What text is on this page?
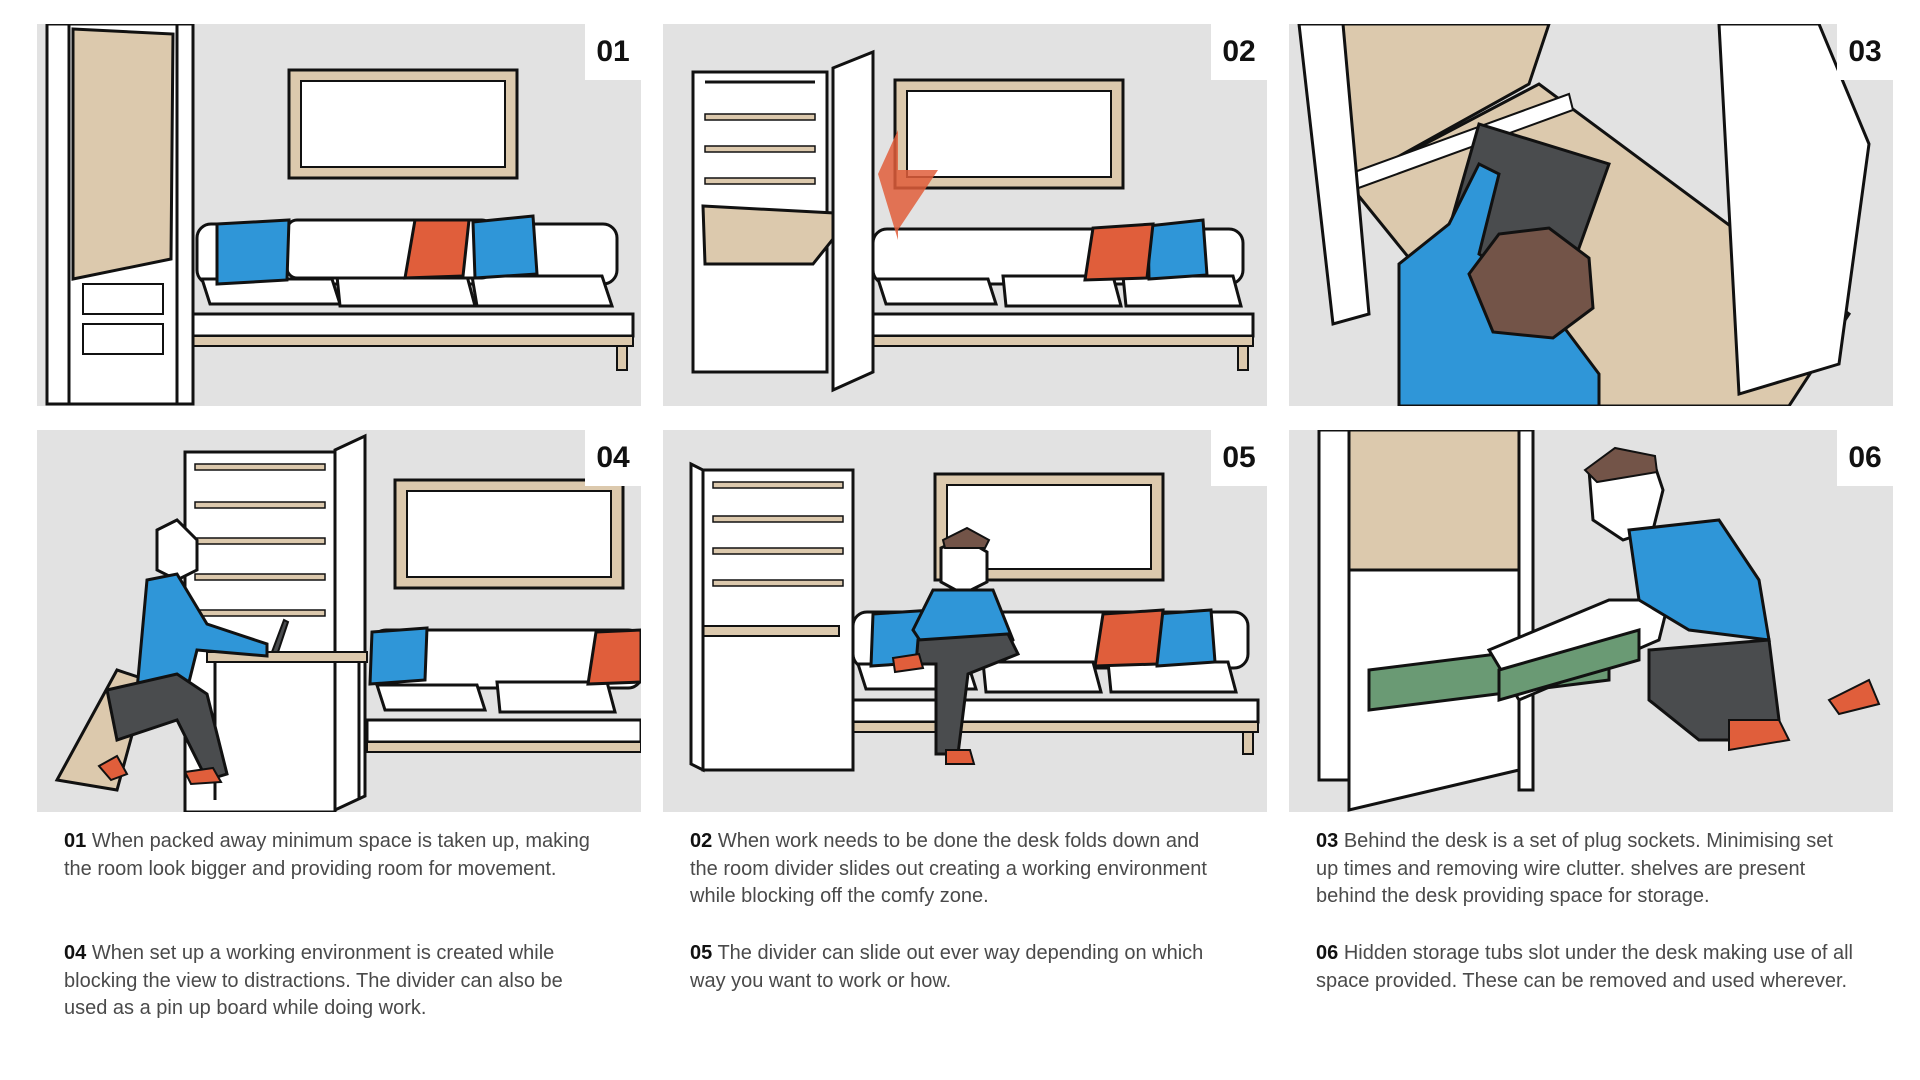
01	02	03
04	05	06
01 When packed away minimum space is taken up, making the room look bigger and providing room for movement.
04 When set up a working environment is created while blocking the view to distractions. The divider can also be used as a pin up board while doing work.
02 When work needs to be done the desk folds down and the room divider slides out creating a working environment while blocking off the comfy zone.
05 The divider can slide out ever way depending on which way you want to work or how.
03 Behind the desk is a set of plug sockets. Minimising set up times and removing wire clutter. shelves are present behind the desk providing space for storage.
06 Hidden storage tubs slot under the desk making use of all space provided. These can be removed and used wherever.
